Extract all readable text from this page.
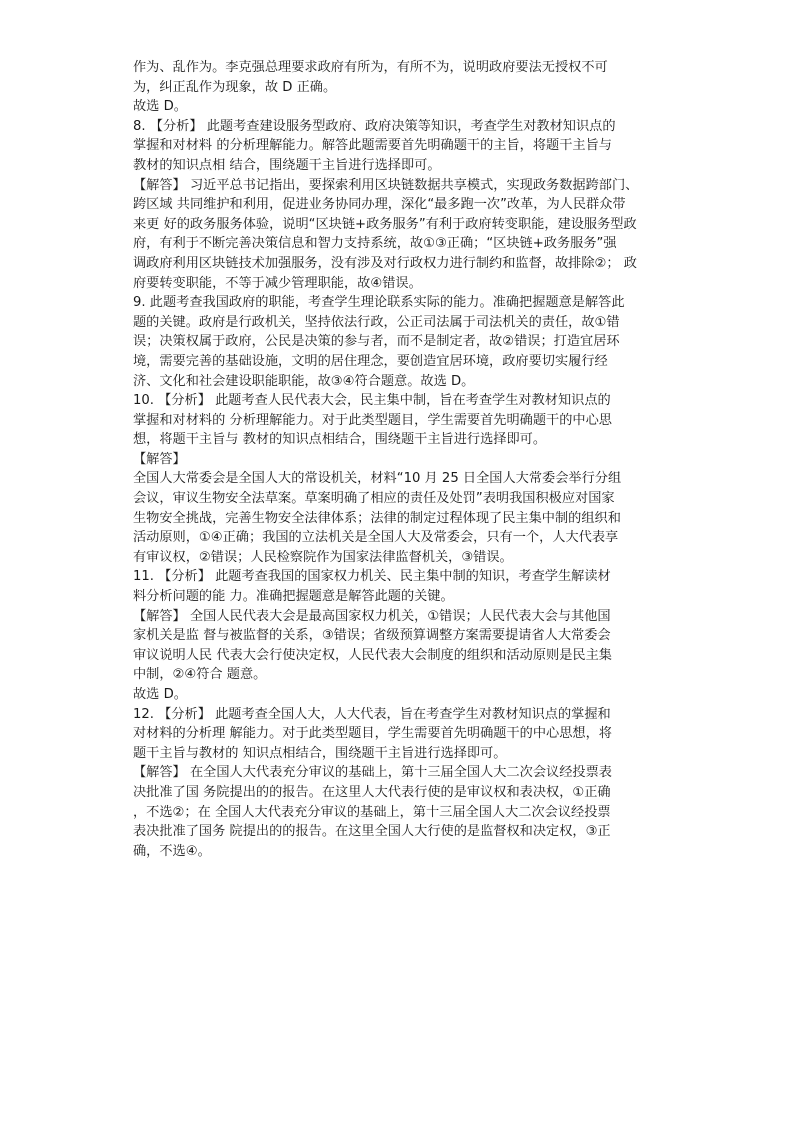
作为、乱作为。李克强总理要求政府有所为，有所不为，说明政府要法无授权不可
为，纠正乱作为现象，故 D 正确。
故选 D。
8. 【分析】 此题考查建设服务型政府、政府决策等知识，考查学生对教材知识点的
掌握和对材料 的分析理解能力。解答此题需要首先明确题干的主旨，将题干主旨与
教材的知识点相 结合，围绕题干主旨进行选择即可。
【解答】 习近平总书记指出，要探索利用区块链数据共享模式，实现政务数据跨部门、
跨区域 共同维护和利用，促进业务协同办理，深化“最多跑一次”改革，为人民群众带
来更 好的政务服务体验，说明“区块链+政务服务”有利于政府转变职能，建设服务型政
府，有利于不断完善决策信息和智力支持系统，故①③正确；“区块链+政务服务”强
调政府利用区块链技术加强服务，没有涉及对行政权力进行制约和监督，故排除②； 政
府要转变职能，不等于减少管理职能，故④错误。
9. 此题考查我国政府的职能，考查学生理论联系实际的能力。准确把握题意是解答此
题的关键。政府是行政机关，坚持依法行政，公正司法属于司法机关的责任，故①错
误；决策权属于政府，公民是决策的参与者，而不是制定者，故②错误；打造宜居环
境，需要完善的基础设施，文明的居住理念，要创造宜居环境，政府要切实履行经
济、文化和社会建设职能职能，故③④符合题意。故选 D。
10. 【分析】 此题考查人民代表大会，民主集中制，旨在考查学生对教材知识点的
掌握和对材料的 分析理解能力。对于此类型题目，学生需要首先明确题干的中心思
想，将题干主旨与 教材的知识点相结合，围绕题干主旨进行选择即可。
【解答】
全国人大常委会是全国人大的常设机关，材料“10 月 25 日全国人大常委会举行分组
会议，审议生物安全法草案。草案明确了相应的责任及处罚”表明我国积极应对国家
生物安全挑战，完善生物安全法律体系；法律的制定过程体现了民主集中制的组织和
活动原则，①④正确；我国的立法机关是全国人大及常委会，只有一个，人大代表享
有审议权，②错误；人民检察院作为国家法律监督机关，③错误。
11. 【分析】 此题考查我国的国家权力机关、民主集中制的知识，考查学生解读材
料分析问题的能 力。准确把握题意是解答此题的关键。
【解答】 全国人民代表大会是最高国家权力机关，①错误；人民代表大会与其他国
家机关是监 督与被监督的关系，③错误；省级预算调整方案需要提请省人大常委会
审议说明人民 代表大会行使决定权，人民代表大会制度的组织和活动原则是民主集
中制，②④符合 题意。
故选 D。
12. 【分析】 此题考查全国人大，人大代表，旨在考查学生对教材知识点的掌握和
对材料的分析理 解能力。对于此类型题目，学生需要首先明确题干的中心思想，将
题干主旨与教材的 知识点相结合，围绕题干主旨进行选择即可。
【解答】 在全国人大代表充分审议的基础上，第十三届全国人大二次会议经投票表
决批准了国 务院提出的的报告。在这里人大代表行使的是审议权和表决权，①正确
，不选②；在 全国人大代表充分审议的基础上，第十三届全国人大二次会议经投票
表决批准了国务 院提出的的报告。在这里全国人大行使的是监督权和决定权，③正
确，不选④。
